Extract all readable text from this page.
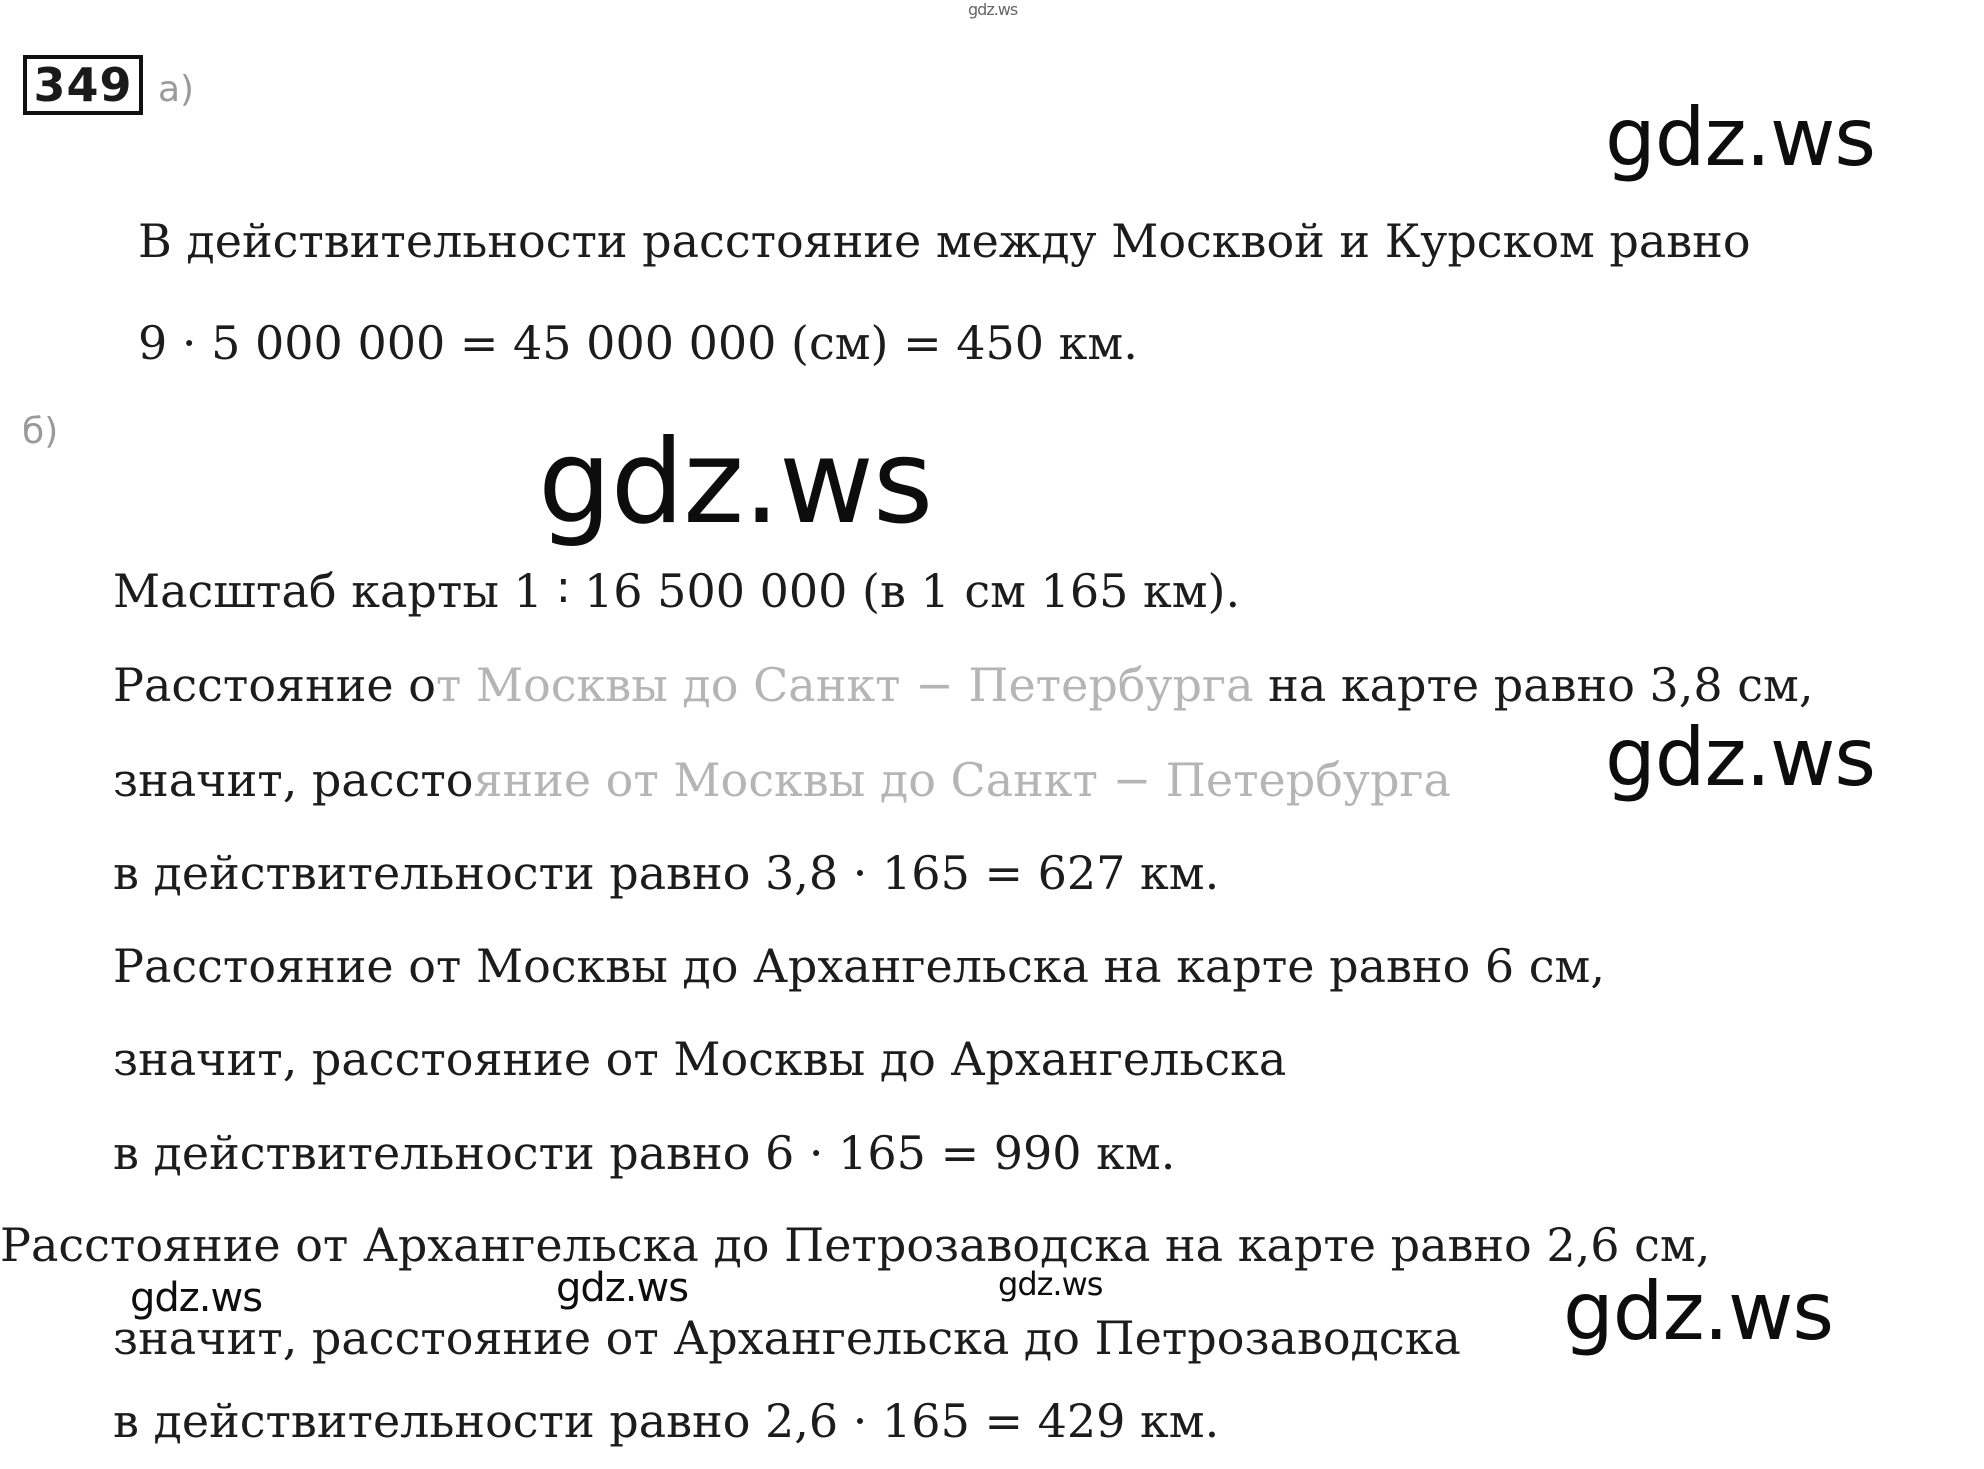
gdz.ws
349 а)
gdz.ws
В действительности расстояние между Москвой и Курском равно
9 · 5 000 000 = 45 000 000 (см) = 450 км.
б)	gdz.ws
Масштаб карты 1 ∶ 16 500 000 (в 1 см 165 км).
Расстояние от Москвы до Санкт − Петербурга на карте равно 3,8 см,
значит, расстояние от Москвы до Санкт − Петербурга gdz.ws
в действительности равно 3,8 · 165 = 627 км.
Расстояние от Москвы до Архангельска на карте равно 6 см,
значит, расстояние от Москвы до Архангельска
в действительности равно 6 · 165 = 990 км.
Расстояние от Архангельска до Петрозаводска на карте равно 2,6 см,
gdz.ws	gdz.ws	gdz.ws
значит, расстояние от Архангельска до Петрозаводска gdz.ws
в действительности равно 2,6 · 165 = 429 км.
